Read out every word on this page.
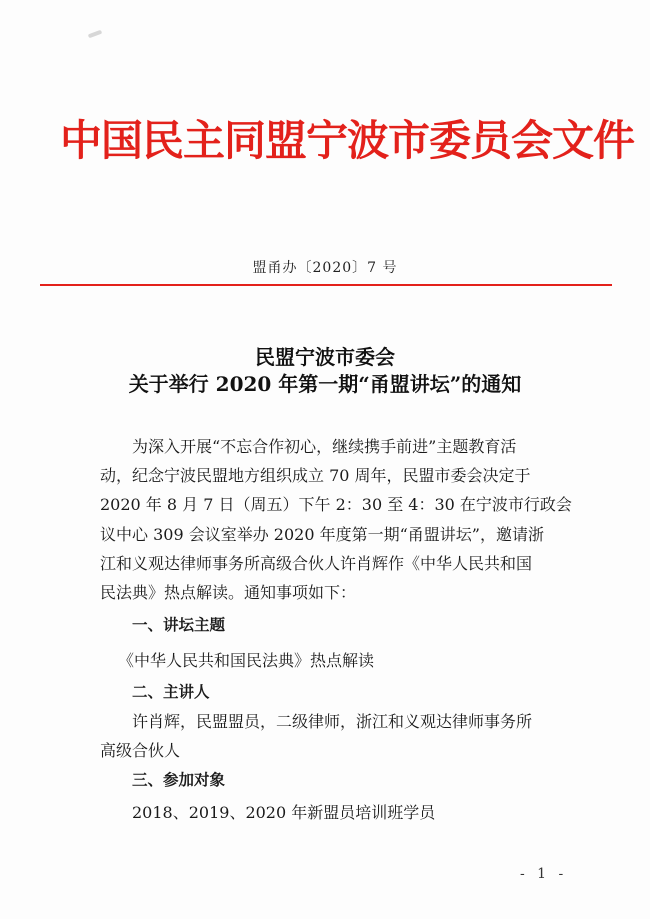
中国民主同盟宁波市委员会文件
盟甬办〔2020〕7 号
民盟宁波市委会
关于举行 2020 年第一期“甬盟讲坛”的通知
为深入开展“不忘合作初心，继续携手前进”主题教育活
动，纪念宁波民盟地方组织成立 70 周年，民盟市委会决定于
2020 年 8 月 7 日（周五）下午 2：30 至 4：30 在宁波市行政会
议中心 309 会议室举办 2020 年度第一期“甬盟讲坛”，邀请浙
江和义观达律师事务所高级合伙人许肖辉作《中华人民共和国
民法典》热点解读。通知事项如下：
一、讲坛主题
《中华人民共和国民法典》热点解读
二、主讲人
许肖辉，民盟盟员，二级律师，浙江和义观达律师事务所
高级合伙人
三、参加对象
2018、2019、2020 年新盟员培训班学员
- 1 -
